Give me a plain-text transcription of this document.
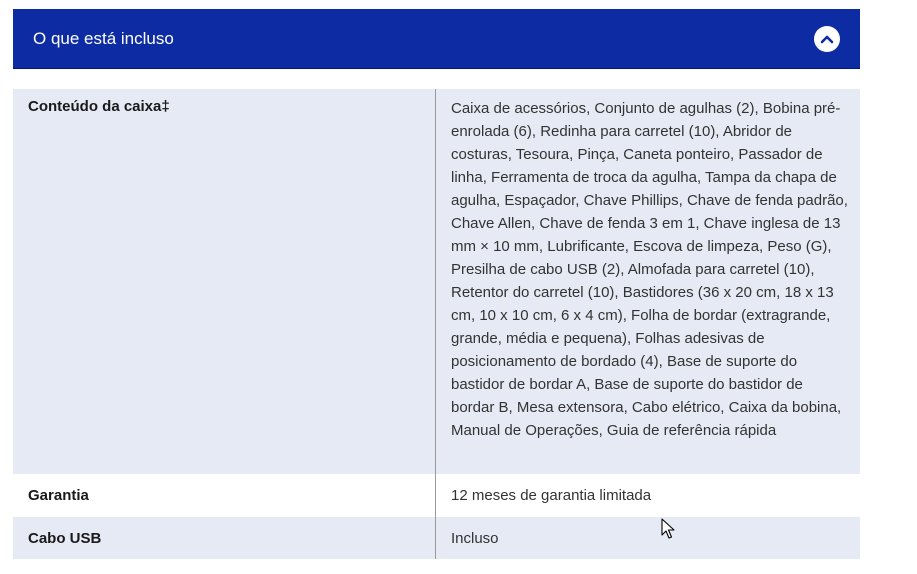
O que está incluso
Conteúdo da caixa‡	Caixa de acessórios, Conjunto de agulhas (2), Bobina pré-enrolada (6), Redinha para carretel (10), Abridor de costuras, Tesoura, Pinça, Caneta ponteiro, Passador de linha, Ferramenta de troca da agulha, Tampa da chapa de agulha, Espaçador, Chave Phillips, Chave de fenda padrão, Chave Allen, Chave de fenda 3 em 1, Chave inglesa de 13 mm × 10 mm, Lubrificante, Escova de limpeza, Peso (G), Presilha de cabo USB (2), Almofada para carretel (10), Retentor do carretel (10), Bastidores (36 x 20 cm, 18 x 13 cm, 10 x 10 cm, 6 x 4 cm), Folha de bordar (extragrande, grande, média e pequena), Folhas adesivas de posicionamento de bordado (4), Base de suporte do bastidor de bordar A, Base de suporte do bastidor de bordar B, Mesa extensora, Cabo elétrico, Caixa da bobina, Manual de Operações, Guia de referência rápida
Garantia	12 meses de garantia limitada
Cabo USB	Incluso
